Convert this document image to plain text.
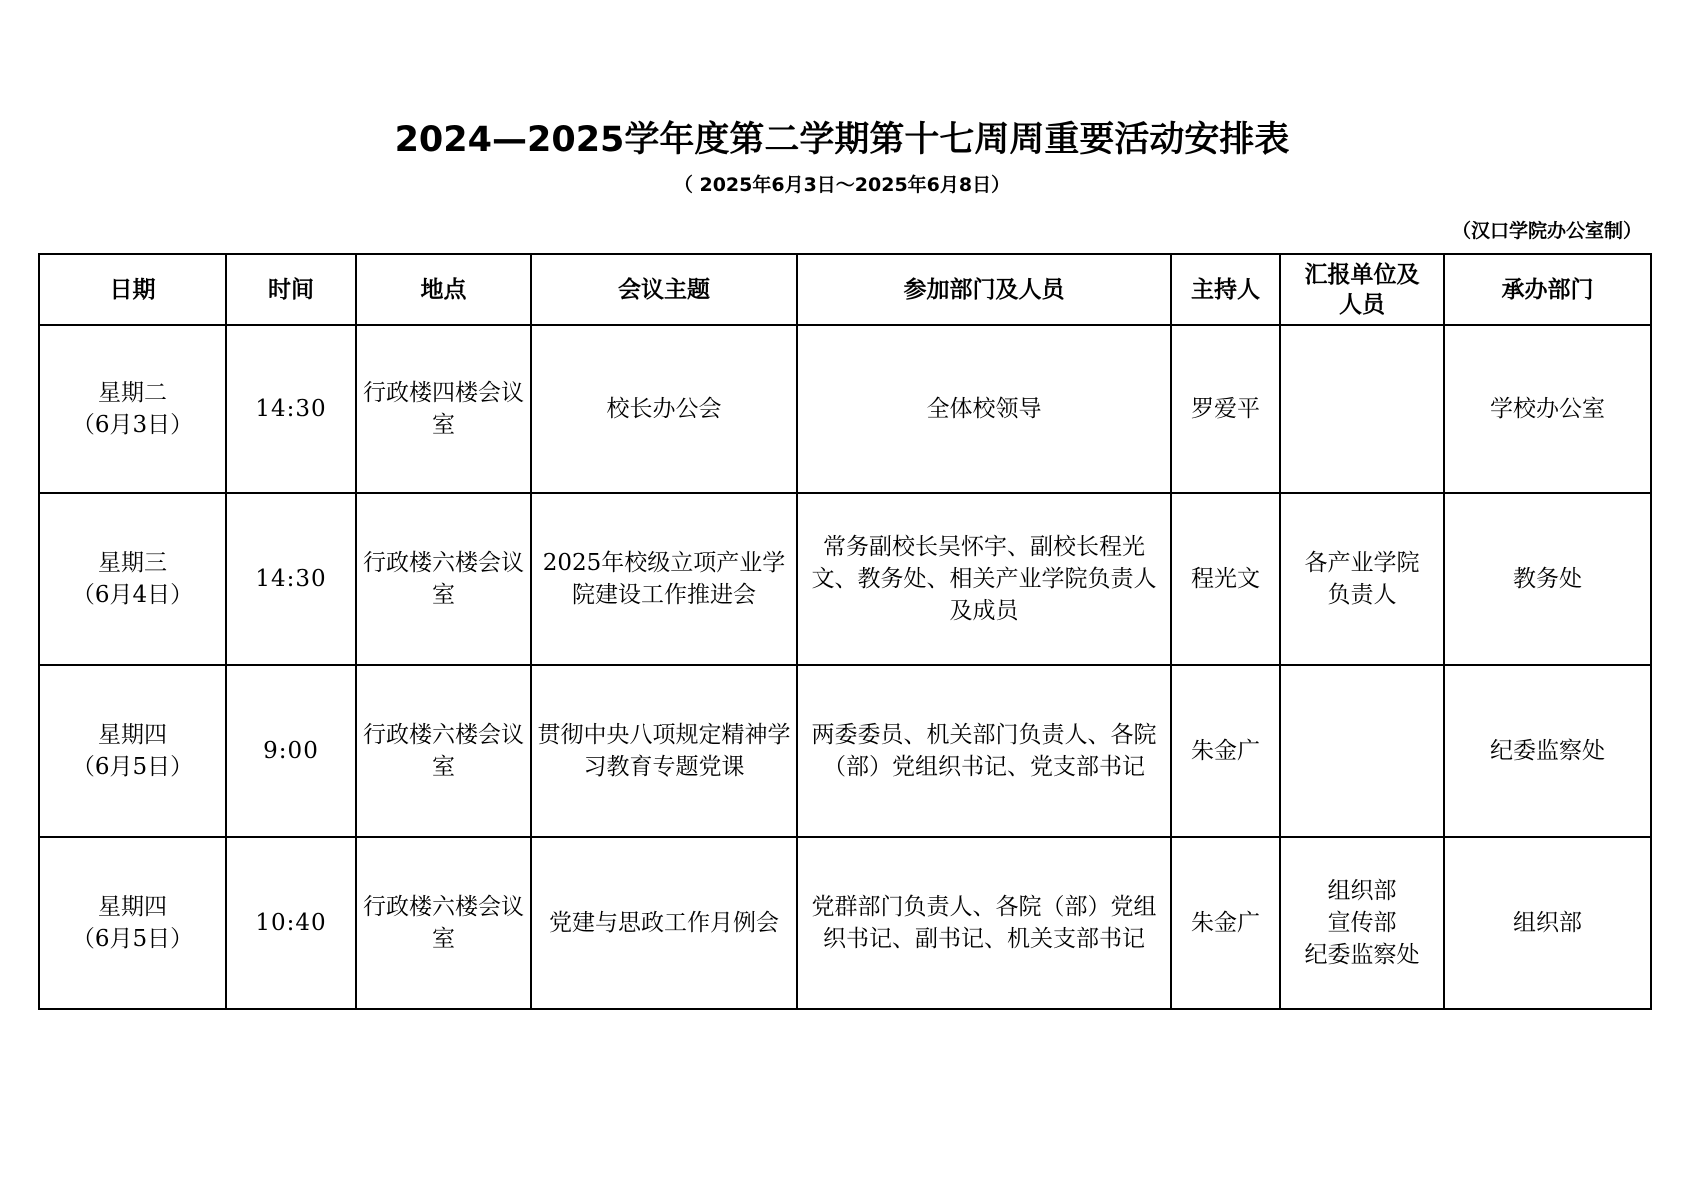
2024—2025学年度第二学期第十七周周重要活动安排表
（ 2025年6月3日～2025年6月8日）
（汉口学院办公室制）
日期	时间	地点	会议主题	参加部门及人员	主持人	汇报单位及
人员	承办部门

星期二
（6月3日）	14:30	行政楼四楼会议室	校长办公会	全体校领导	罗爱平		学校办公室

星期三
（6月4日）	14:30	行政楼六楼会议室	2025年校级立项产业学院建设工作推进会	常务副校长吴怀宇、副校长程光文、教务处、相关产业学院负责人及成员	程光文	各产业学院
负责人	教务处

星期四
（6月5日）	9:00	行政楼六楼会议室	贯彻中央八项规定精神学习教育专题党课	两委委员、机关部门负责人、各院（部）党组织书记、党支部书记	朱金广		纪委监察处

星期四
（6月5日）	10:40	行政楼六楼会议室	党建与思政工作月例会	党群部门负责人、各院（部）党组织书记、副书记、机关支部书记	朱金广	组织部
宣传部
纪委监察处	组织部
